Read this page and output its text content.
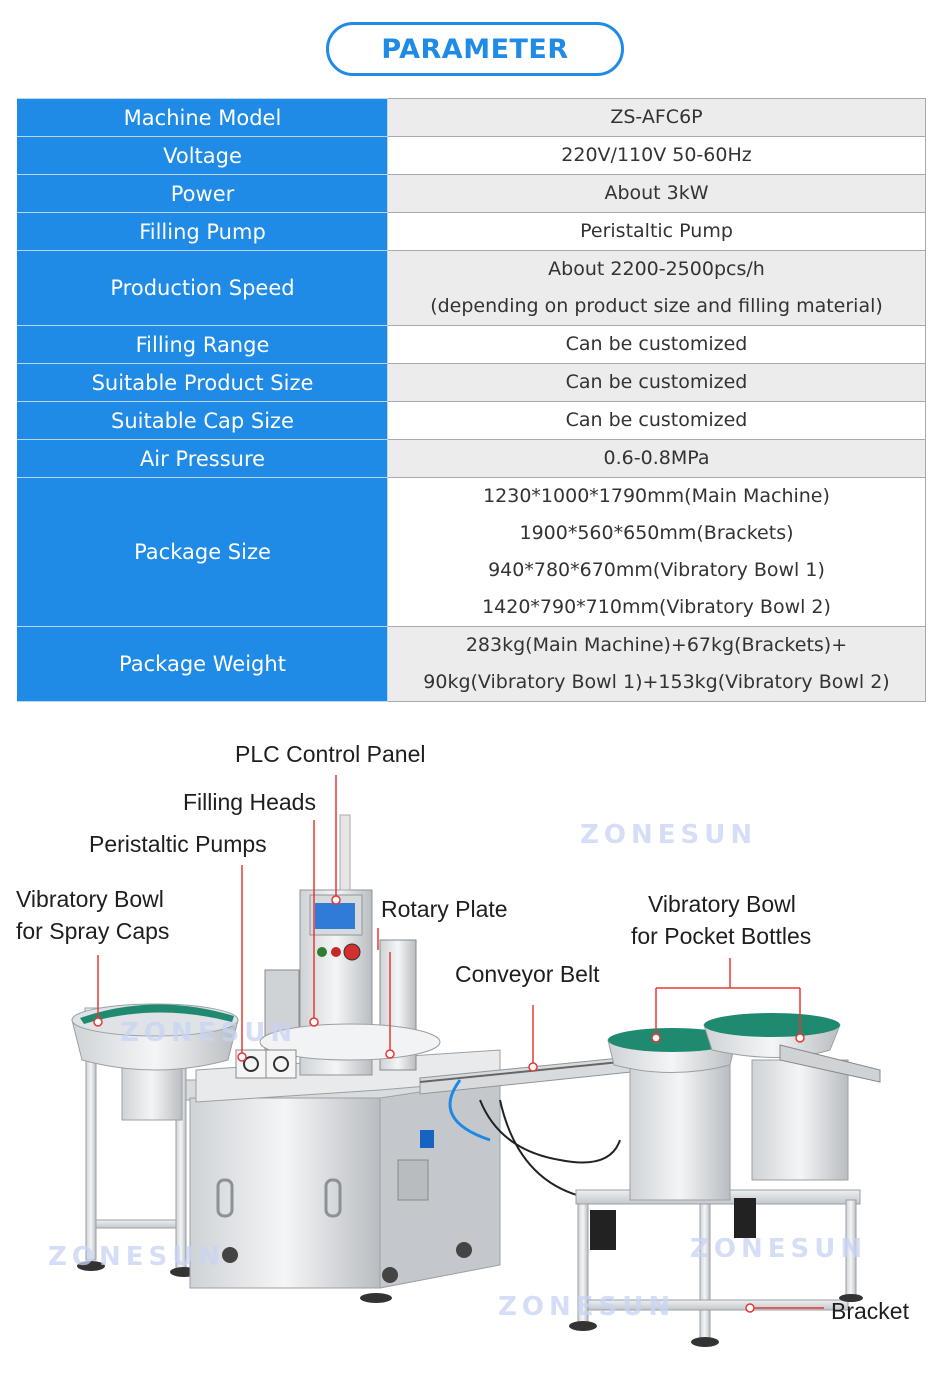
PARAMETER
Machine Model	ZS-AFC6P

Voltage	220V/110V 50-60Hz

Power	About 3kW

Filling Pump	Peristaltic Pump

Production Speed	About 2200-2500pcs/h
(depending on product size and filling material)

Filling Range	Can be customized

Suitable Product Size	Can be customized

Suitable Cap Size	Can be customized

Air Pressure	0.6-0.8MPa

Package Size	1230*1000*1790mm(Main Machine)
1900*560*650mm(Brackets)
940*780*670mm(Vibratory Bowl 1)
1420*790*710mm(Vibratory Bowl 2)

Package Weight	283kg(Main Machine)+67kg(Brackets)+
90kg(Vibratory Bowl 1)+153kg(Vibratory Bowl 2)
ZONESUN
ZONESUN
ZONESUN
ZONESUN
ZONESUN
PLC Control Panel
Filling Heads
Peristaltic Pumps
Vibratory Bowl
for Spray Caps
Rotary Plate
Conveyor Belt
Vibratory Bowl
for Pocket Bottles
Bracket
